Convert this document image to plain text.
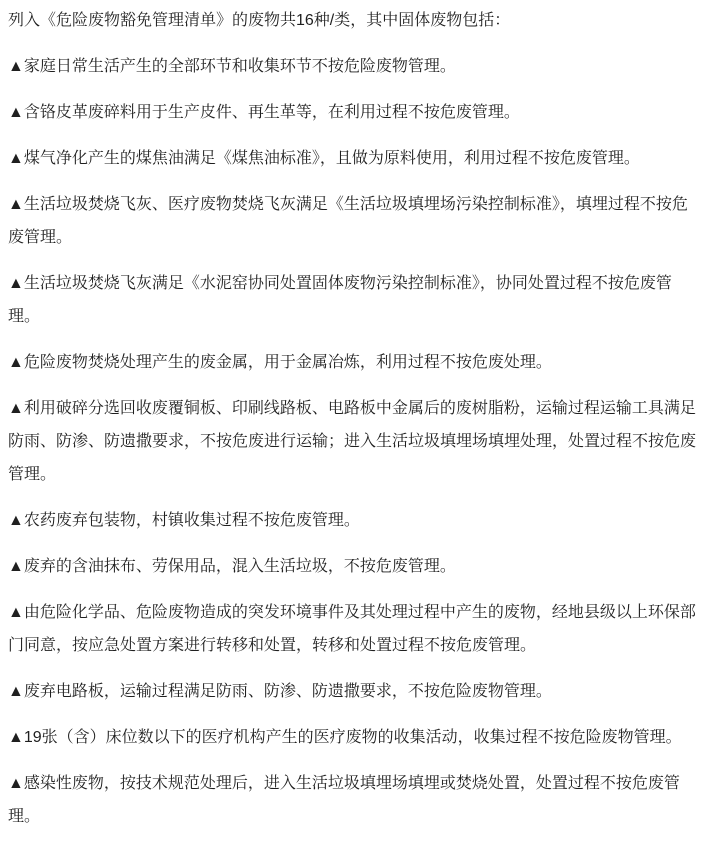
列入《危险废物豁免管理清单》的废物共16种/类，其中固体废物包括：

▲家庭日常生活产生的全部环节和收集环节不按危险废物管理。

▲含铬皮革废碎料用于生产皮件、再生革等，在利用过程不按危废管理。

▲煤气净化产生的煤焦油满足《煤焦油标准》，且做为原料使用，利用过程不按危废管理。

▲生活垃圾焚烧飞灰、医疗废物焚烧飞灰满足《生活垃圾填埋场污染控制标准》，填埋过程不按危废管理。

▲生活垃圾焚烧飞灰满足《水泥窑协同处置固体废物污染控制标准》，协同处置过程不按危废管理。

▲危险废物焚烧处理产生的废金属，用于金属冶炼，利用过程不按危废处理。

▲利用破碎分选回收废覆铜板、印刷线路板、电路板中金属后的废树脂粉，运输过程运输工具满足防雨、防渗、防遗撒要求，不按危废进行运输；进入生活垃圾填埋场填埋处理，处置过程不按危废管理。

▲农药废弃包装物，村镇收集过程不按危废管理。

▲废弃的含油抹布、劳保用品，混入生活垃圾，不按危废管理。

▲由危险化学品、危险废物造成的突发环境事件及其处理过程中产生的废物，经地县级以上环保部门同意，按应急处置方案进行转移和处置，转移和处置过程不按危废管理。

▲废弃电路板，运输过程满足防雨、防渗、防遗撒要求，不按危险废物管理。

▲19张（含）床位数以下的医疗机构产生的医疗废物的收集活动，收集过程不按危险废物管理。

▲感染性废物，按技术规范处理后，进入生活垃圾填埋场填埋或焚烧处置，处置过程不按危废管理。
